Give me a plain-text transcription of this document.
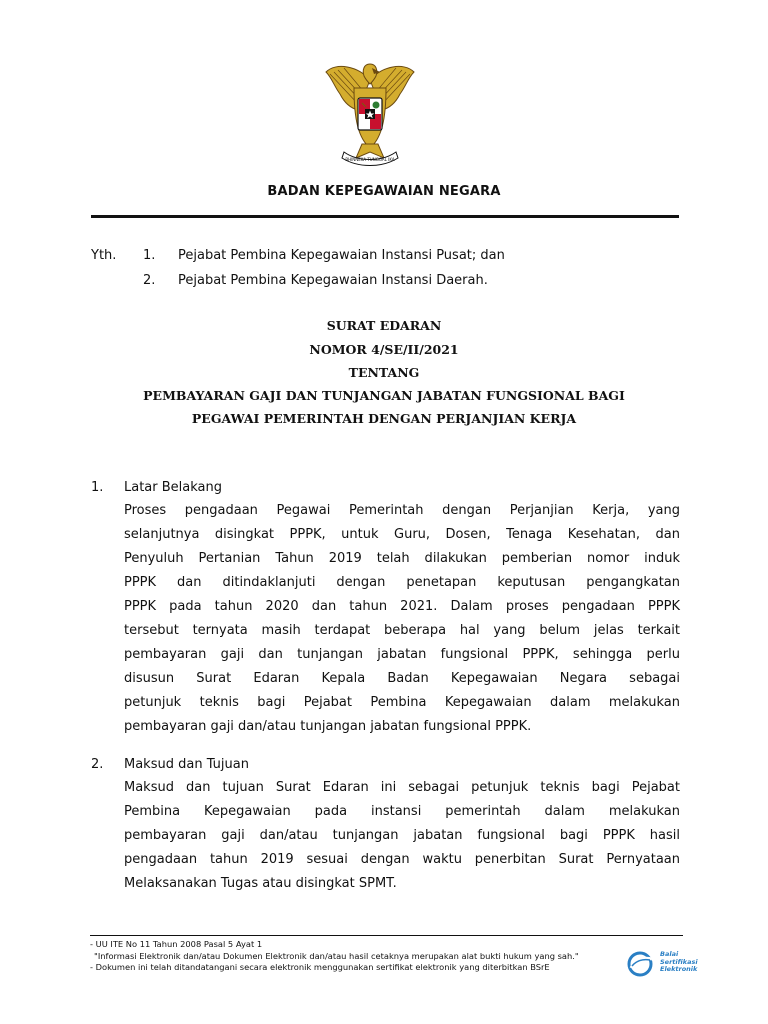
BHINNEKA TUNGGAL IKA
BADAN KEPEGAWAIAN NEGARA
Yth. 1. Pejabat Pembina Kepegawaian Instansi Pusat; dan
2. Pejabat Pembina Kepegawaian Instansi Daerah.
SURAT EDARAN
NOMOR 4/SE/II/2021
TENTANG
PEMBAYARAN GAJI DAN TUNJANGAN JABATAN FUNGSIONAL BAGI
PEGAWAI PEMERINTAH DENGAN PERJANJIAN KERJA
1. Latar Belakang
Proses pengadaan Pegawai Pemerintah dengan Perjanjian Kerja, yang
selanjutnya disingkat PPPK, untuk Guru, Dosen, Tenaga Kesehatan, dan
Penyuluh Pertanian Tahun 2019 telah dilakukan pemberian nomor induk
PPPK dan ditindaklanjuti dengan penetapan keputusan pengangkatan
PPPK pada tahun 2020 dan tahun 2021. Dalam proses pengadaan PPPK
tersebut ternyata masih terdapat beberapa hal yang belum jelas terkait
pembayaran gaji dan tunjangan jabatan fungsional PPPK, sehingga perlu
disusun Surat Edaran Kepala Badan Kepegawaian Negara sebagai
petunjuk teknis bagi Pejabat Pembina Kepegawaian dalam melakukan
pembayaran gaji dan/atau tunjangan jabatan fungsional PPPK.
2. Maksud dan Tujuan
Maksud dan tujuan Surat Edaran ini sebagai petunjuk teknis bagi Pejabat
Pembina Kepegawaian pada instansi pemerintah dalam melakukan
pembayaran gaji dan/atau tunjangan jabatan fungsional bagi PPPK hasil
pengadaan tahun 2019 sesuai dengan waktu penerbitan Surat Pernyataan
Melaksanakan Tugas atau disingkat SPMT.
- UU ITE No 11 Tahun 2008 Pasal 5 Ayat 1
"Informasi Elektronik dan/atau Dokumen Elektronik dan/atau hasil cetaknya merupakan alat bukti hukum yang sah."
- Dokumen ini telah ditandatangani secara elektronik menggunakan sertifikat elektronik yang diterbitkan BSrE
Balai
Sertifikasi
Elektronik
